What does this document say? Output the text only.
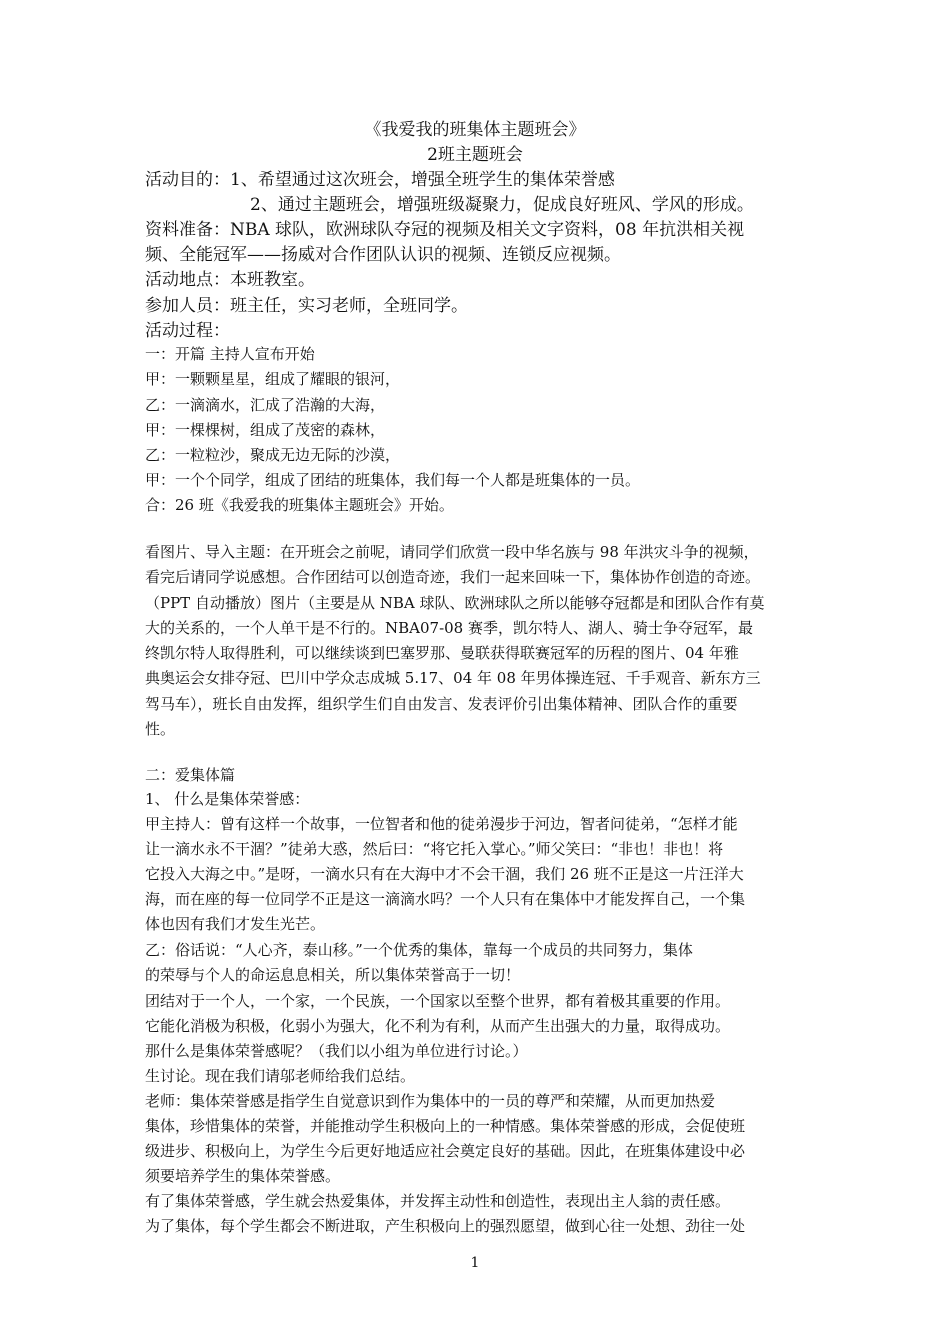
《我爱我的班集体主题班会》
2班主题班会
活动目的：1、希望通过这次班会，增强全班学生的集体荣誉感
2、通过主题班会，增强班级凝聚力，促成良好班风、学风的形成。
资料准备：NBA 球队，欧洲球队夺冠的视频及相关文字资料，08 年抗洪相关视
频、全能冠军——扬威对合作团队认识的视频、连锁反应视频。
活动地点：本班教室。
参加人员：班主任，实习老师，全班同学。
活动过程：
一：开篇 主持人宣布开始
甲：一颗颗星星，组成了耀眼的银河，
乙：一滴滴水，汇成了浩瀚的大海，
甲：一棵棵树，组成了茂密的森林，
乙：一粒粒沙，聚成无边无际的沙漠，
甲：一个个同学，组成了团结的班集体，我们每一个人都是班集体的一员。
合：26 班《我爱我的班集体主题班会》开始。
看图片、导入主题：在开班会之前呢，请同学们欣赏一段中华名族与 98 年洪灾斗争的视频，
看完后请同学说感想。合作团结可以创造奇迹，我们一起来回味一下，集体协作创造的奇迹。
（PPT 自动播放）图片（主要是从 NBA 球队、欧洲球队之所以能够夺冠都是和团队合作有莫
大的关系的，一个人单干是不行的。NBA07-08 赛季，凯尔特人、湖人、骑士争夺冠军，最
终凯尔特人取得胜利，可以继续谈到巴塞罗那、曼联获得联赛冠军的历程的图片、04 年雅
典奥运会女排夺冠、巴川中学众志成城 5.17、04 年 08 年男体操连冠、千手观音、新东方三
驾马车），班长自由发挥，组织学生们自由发言、发表评价引出集体精神、团队合作的重要
性。
二：爱集体篇
1、 什么是集体荣誉感：
甲主持人：曾有这样一个故事，一位智者和他的徒弟漫步于河边，智者问徒弟，“怎样才能
让一滴水永不干涸？”徒弟大惑，然后曰：“将它托入掌心。”师父笑曰：“非也！非也！将
它投入大海之中。”是呀，一滴水只有在大海中才不会干涸，我们 26 班不正是这一片汪洋大
海，而在座的每一位同学不正是这一滴滴水吗？一个人只有在集体中才能发挥自己，一个集
体也因有我们才发生光芒。
乙：俗话说：“人心齐，泰山移。”一个优秀的集体，靠每一个成员的共同努力，集体
的荣辱与个人的命运息息相关，所以集体荣誉高于一切！
团结对于一个人，一个家，一个民族，一个国家以至整个世界，都有着极其重要的作用。
它能化消极为积极，化弱小为强大，化不利为有利，从而产生出强大的力量，取得成功。
那什么是集体荣誉感呢？（我们以小组为单位进行讨论。）
生讨论。现在我们请邬老师给我们总结。
老师：集体荣誉感是指学生自觉意识到作为集体中的一员的尊严和荣耀，从而更加热爱
集体，珍惜集体的荣誉，并能推动学生积极向上的一种情感。集体荣誉感的形成，会促使班
级进步、积极向上，为学生今后更好地适应社会奠定良好的基础。因此，在班集体建设中必
须要培养学生的集体荣誉感。
有了集体荣誉感，学生就会热爱集体，并发挥主动性和创造性，表现出主人翁的责任感。
为了集体，每个学生都会不断进取，产生积极向上的强烈愿望，做到心往一处想、劲往一处
1
